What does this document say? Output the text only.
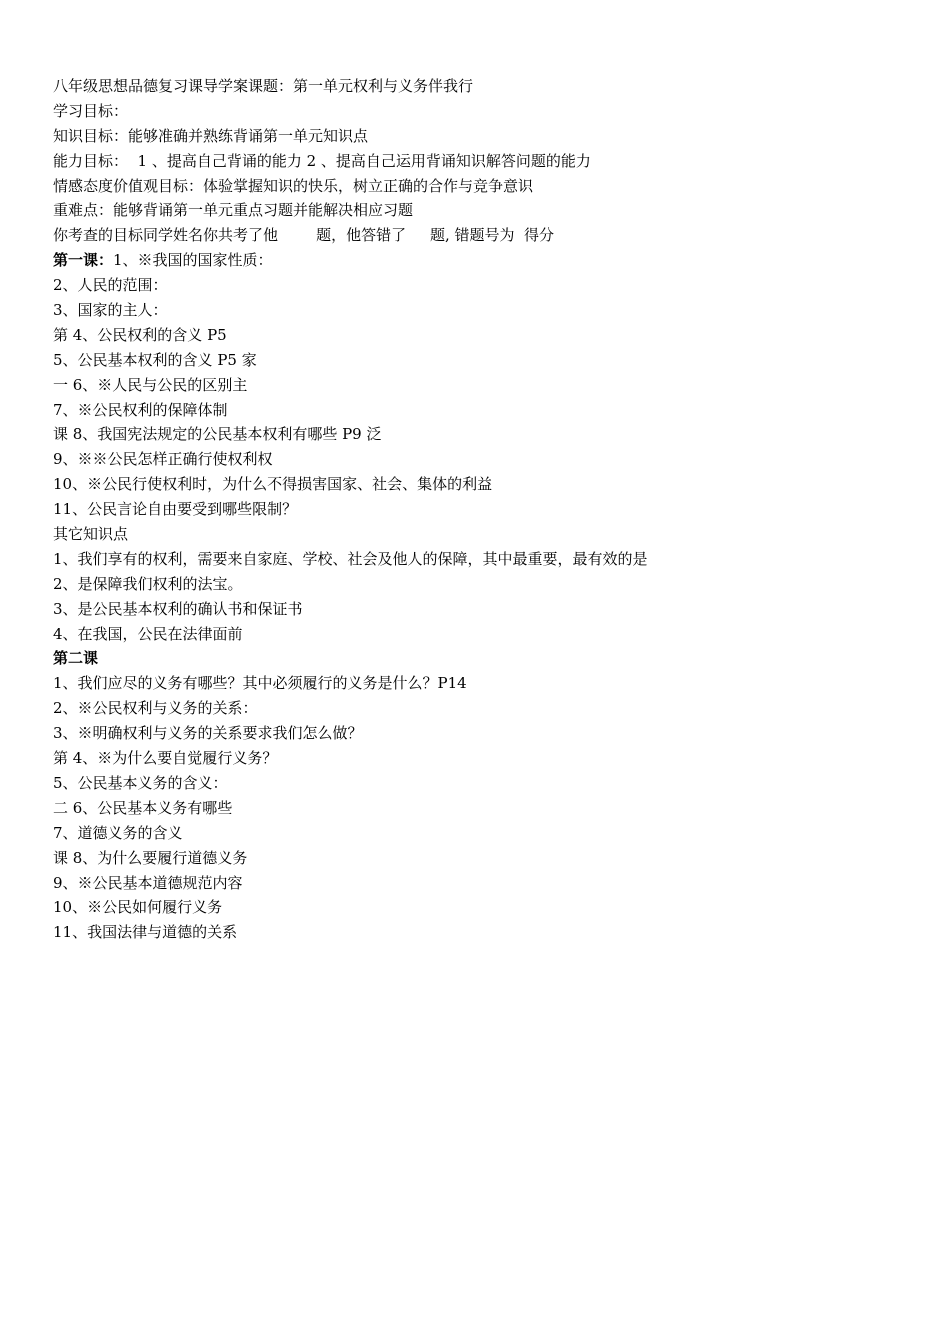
八年级思想品德复习课导学案课题：第一单元权利与义务伴我行
学习目标：
知识目标：能够准确并熟练背诵第一单元知识点
能力目标：  1 、提高自己背诵的能力 2 、提高自己运用背诵知识解答问题的能力
情感态度价值观目标：体验掌握知识的快乐，树立正确的合作与竞争意识
重难点：能够背诵第一单元重点习题并能解决相应习题
你考查的目标同学姓名你共考了他        题，他答错了     题, 错题号为  得分
第一课：1、※我国的国家性质：
2、人民的范围：
3、国家的主人：
第 4、公民权利的含义 P5
5、公民基本权利的含义 P5 家
一 6、※人民与公民的区别主
7、※公民权利的保障体制
课 8、我国宪法规定的公民基本权利有哪些 P9 泛
9、※※公民怎样正确行使权利权
10、※公民行使权利时，为什么不得损害国家、社会、集体的利益
11、公民言论自由要受到哪些限制？
其它知识点
1、我们享有的权利，需要来自家庭、学校、社会及他人的保障，其中最重要，最有效的是
2、是保障我们权利的法宝。
3、是公民基本权利的确认书和保证书
4、在我国，公民在法律面前
第二课
1、我们应尽的义务有哪些？其中必须履行的义务是什么？P14
2、※公民权利与义务的关系：
3、※明确权利与义务的关系要求我们怎么做？
第 4、※为什么要自觉履行义务？
5、公民基本义务的含义：
二 6、公民基本义务有哪些
7、道德义务的含义
课 8、为什么要履行道德义务
9、※公民基本道德规范内容
10、※公民如何履行义务
11、我国法律与道德的关系
